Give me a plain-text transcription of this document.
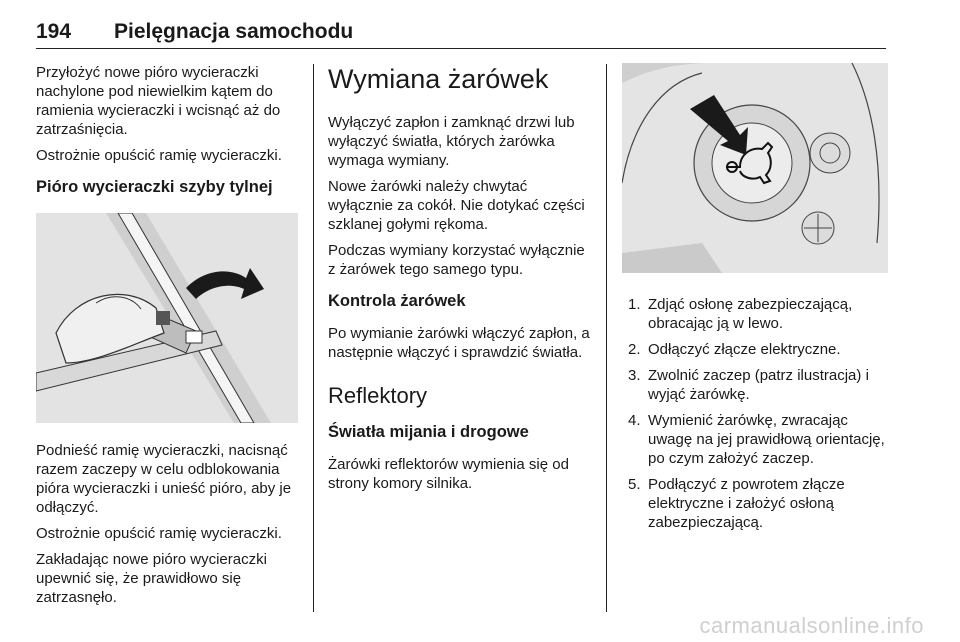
194 Pielęgnacja samochodu

Przyłożyć nowe pióro wycieraczki nachylone pod niewielkim kątem do ramienia wycieraczki i wcisnąć aż do zatrzaśnięcia.

Ostrożnie opuścić ramię wycieraczki.

Pióro wycieraczki szyby tylnej

Podnieść ramię wycieraczki, nacisnąć razem zaczepy w celu odblokowania pióra wycieraczki i unieść pióro, aby je odłączyć.

Ostrożnie opuścić ramię wycieraczki.

Zakładając nowe pióro wycieraczki upewnić się, że prawidłowo się zatrzasnęło.

Wymiana żarówek

Wyłączyć zapłon i zamknąć drzwi lub wyłączyć światła, których żarówka wymaga wymiany.

Nowe żarówki należy chwytać wyłącznie za cokół. Nie dotykać części szklanej gołymi rękoma.

Podczas wymiany korzystać wyłącznie z żarówek tego samego typu.

Kontrola żarówek

Po wymianie żarówki włączyć zapłon, a następnie włączyć i sprawdzić światła.

Reflektory
Światła mijania i drogowe

Żarówki reflektorów wymienia się od strony komory silnika.

1. Zdjąć osłonę zabezpieczającą, obracając ją w lewo.
2. Odłączyć złącze elektryczne.
3. Zwolnić zaczep (patrz ilustracja) i wyjąć żarówkę.
4. Wymienić żarówkę, zwracając uwagę na jej prawidłową orientację, po czym założyć zaczep.
5. Podłączyć z powrotem złącze elektryczne i założyć osłoną zabezpieczającą.
carmanualsonline.info
